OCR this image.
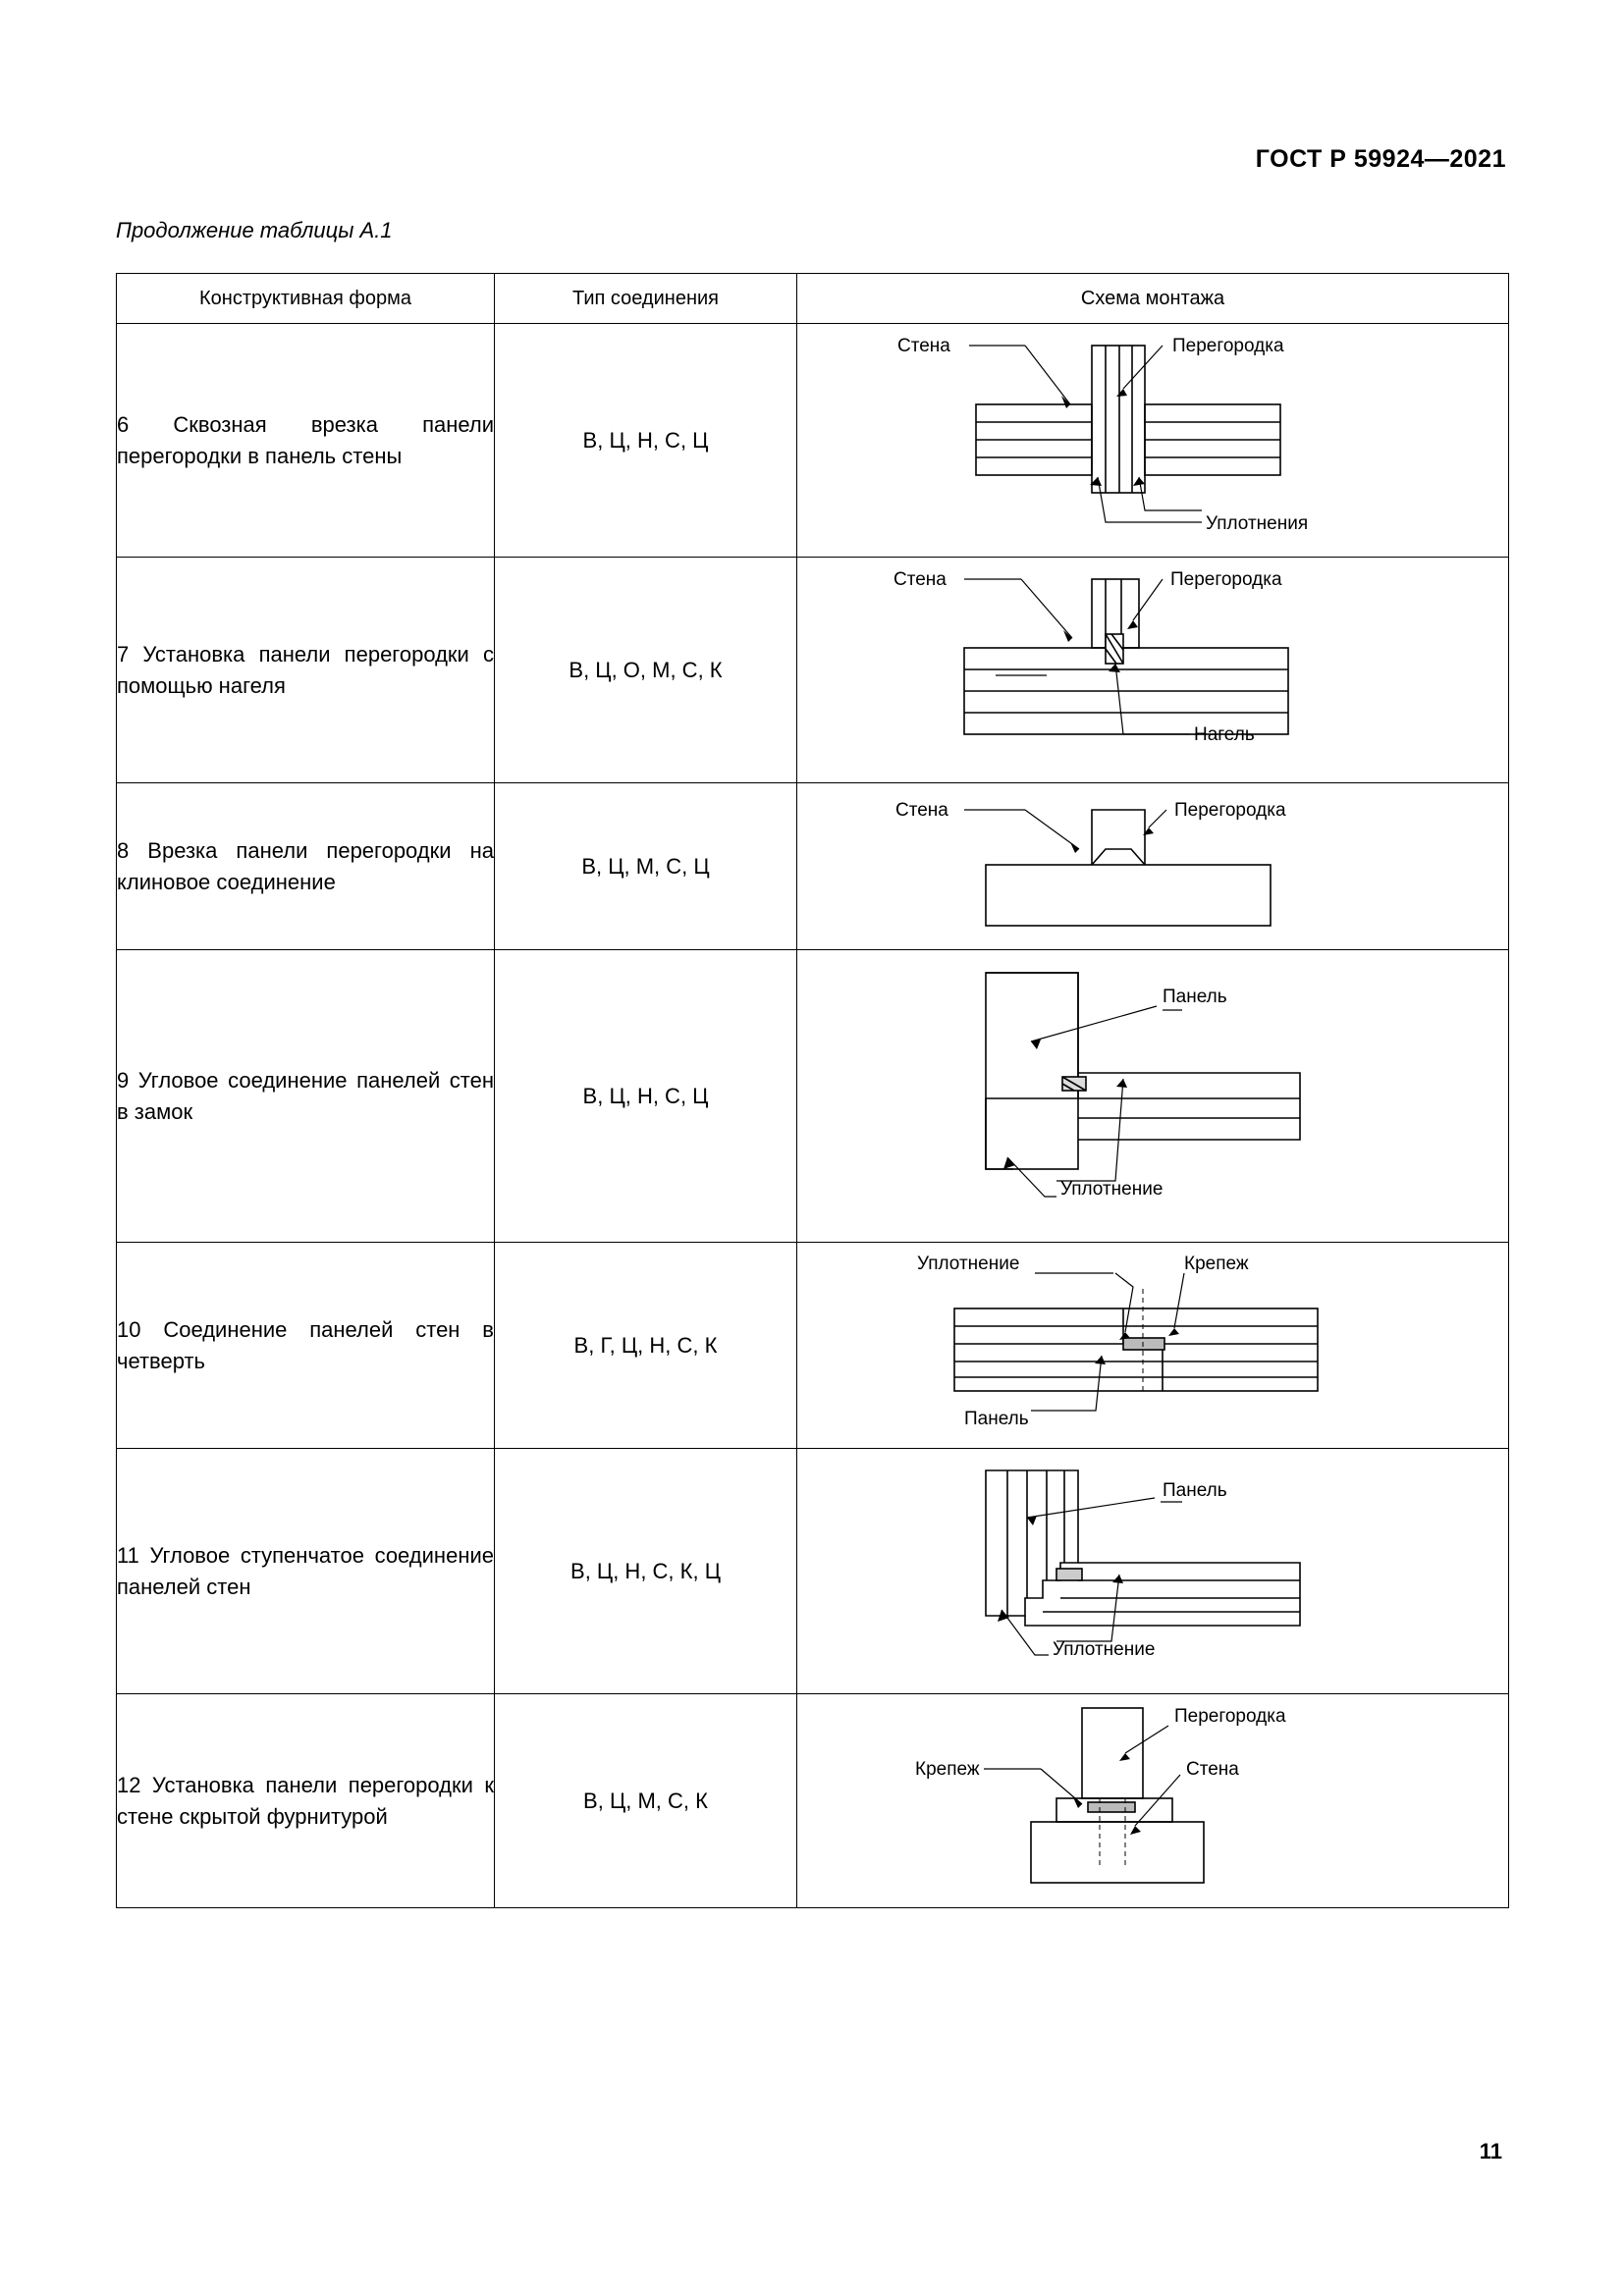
ГОСТ Р 59924—2021
Продолжение таблицы А.1
Конструктивная форма	Тип соединения	Схема монтажа
6 Сквозная врезка панели перегородки в панель стены	В, Ц, Н, С, Ц	Стена Перегородка
Уплотнения

7 Установка панели перегородки с помощью нагеля	В, Ц, О, М, С, К	Стена Перегородка
Нагель

8 Врезка панели перегородки на клиновое соединение	В, Ц, М, С, Ц	Стена Перегородка

9 Угловое соединение панелей стен в замок	В, Ц, Н, С, Ц	Панель
Уплотнение

10 Соединение панелей стен в четверть	В, Г, Ц, Н, С, К	Уплотнение Крепеж
Панель

11 Угловое ступенчатое соединение панелей стен	В, Ц, Н, С, К, Ц	Панель
Уплотнение

12 Установка панели перегородки к стене скрытой фурнитурой	В, Ц, М, С, К	Крепеж
Перегородка
Стена
11
